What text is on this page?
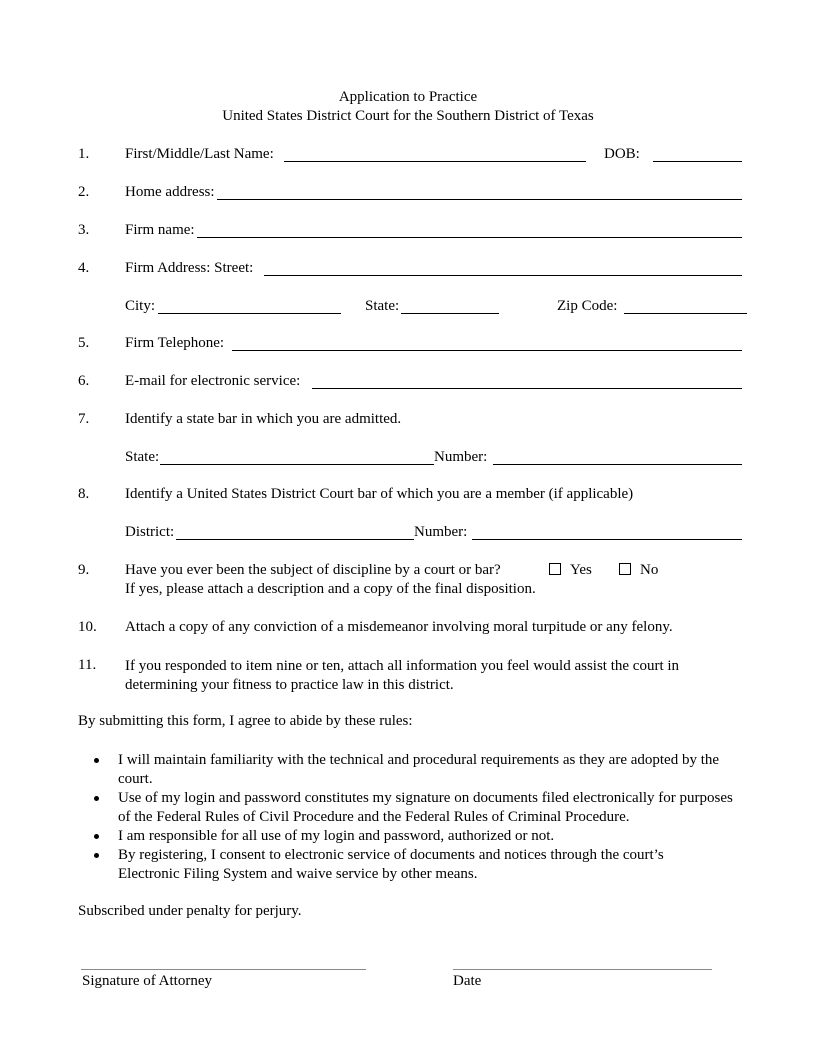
Application to Practice
United States District Court for the Southern District of Texas
1. First/Middle/Last Name:	DOB:
2. Home address:
3. Firm name:
4. Firm Address: Street:
City:	State:	Zip Code:
5. Firm Telephone:
6. E-mail for electronic service:
7. Identify a state bar in which you are admitted.
State:	Number:
8. Identify a United States District Court bar of which you are a member (if applicable)
District:	Number:
9. Have you ever been the subject of discipline by a court or bar?	Yes	No
If yes, please attach a description and a copy of the final disposition.
10. Attach a copy of any conviction of a misdemeanor involving moral turpitude or any felony.
11. If you responded to item nine or ten, attach all information you feel would assist the court in determining your fitness to practice law in this district.
By submitting this form, I agree to abide by these rules:
I will maintain familiarity with the technical and procedural requirements as they are adopted by the court.
Use of my login and password constitutes my signature on documents filed electronically for purposes of the Federal Rules of Civil Procedure and the Federal Rules of Criminal Procedure.
I am responsible for all use of my login and password, authorized or not.
By registering, I consent to electronic service of documents and notices through the court’s Electronic Filing System and waive service by other means.
Subscribed under penalty for perjury.
Signature of Attorney	Date
